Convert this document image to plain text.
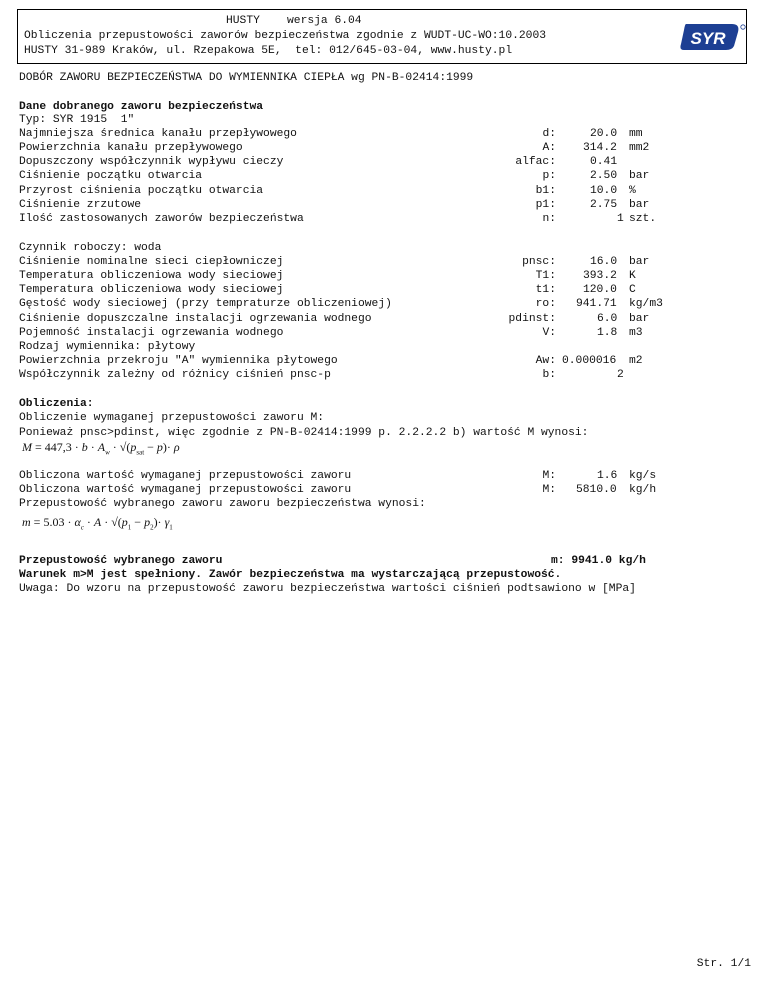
HUSTY    wersja 6.04
Obliczenia przepustowości zaworów bezpieczeństwa zgodnie z WUDT-UC-WO:10.2003
HUSTY 31-989 Kraków, ul. Rzepakowa 5E,  tel: 012/645-03-04, www.husty.pl
SYR
DOBÓR ZAWORU BEZPIECZEŃSTWA DO WYMIENNIKA CIEPŁA wg PN-B-02414:1999
Dane dobranego zaworu bezpieczeństwa
Typ: SYR 1915  1"
Najmniejsza średnica kanału przepływowego	d:	20.0 mm
Powierzchnia kanału przepływowego	A: 314.2 mm2
Dopuszczony współczynnik wypływu cieczy	alfac:	0.41
Ciśnienie początku otwarcia	p:	2.50 bar
Przyrost ciśnienia początku otwarcia	b1:	10.0 %
Ciśnienie zrzutowe	p1:	2.75 bar
Ilość zastosowanych zaworów bezpieczeństwa	n:	1 szt.
Czynnik roboczy: woda
Ciśnienie nominalne sieci ciepłowniczej	pnsc:	16.0 bar
Temperatura obliczeniowa wody sieciowej	T1: 393.2 K
Temperatura obliczeniowa wody sieciowej	t1: 120.0 C
Gęstość wody sieciowej (przy tempraturze obliczeniowej)	ro: 941.71 kg/m3
Ciśnienie dopuszczalne instalacji ogrzewania wodnego	pdinst:	6.0 bar
Pojemność instalacji ogrzewania wodnego	V:	1.8 m3
Rodzaj wymiennika: płytowy
Powierzchnia przekroju "A" wymiennika płytowego	Aw: 0.000016 m2
Współczynnik zależny od różnicy ciśnień pnsc-p	b:	2
Obliczenia:
Obliczenie wymaganej przepustowości zaworu M:
Ponieważ pnsc>pdinst, więc zgodnie z PN-B-02414:1999 p. 2.2.2.2 b) wartość M wynosi:
$M = 447,3 \cdot b \cdot A_w \cdot √(p_{sat} - p)\cdot \rho$
Obliczona wartość wymaganej przepustowości zaworu	M:	1.6 kg/s
Obliczona wartość wymaganej przepustowości zaworu	M: 5810.0 kg/h
Przepustowość wybranego zaworu zaworu bezpieczeństwa wynosi:
$m = 5.03 \cdot \alpha_c \cdot A \cdot √(p_1 - p_2)\cdot \gamma_1$
Przepustowość wybranego zaworu	m: 9941.0 kg/h
Warunek m>M jest spełniony. Zawór bezpieczeństwa ma wystarczającą przepustowość.
Uwaga: Do wzoru na przepustowość zaworu bezpieczeństwa wartości ciśnień podtsawiono w [MPa]
Str. 1/1
